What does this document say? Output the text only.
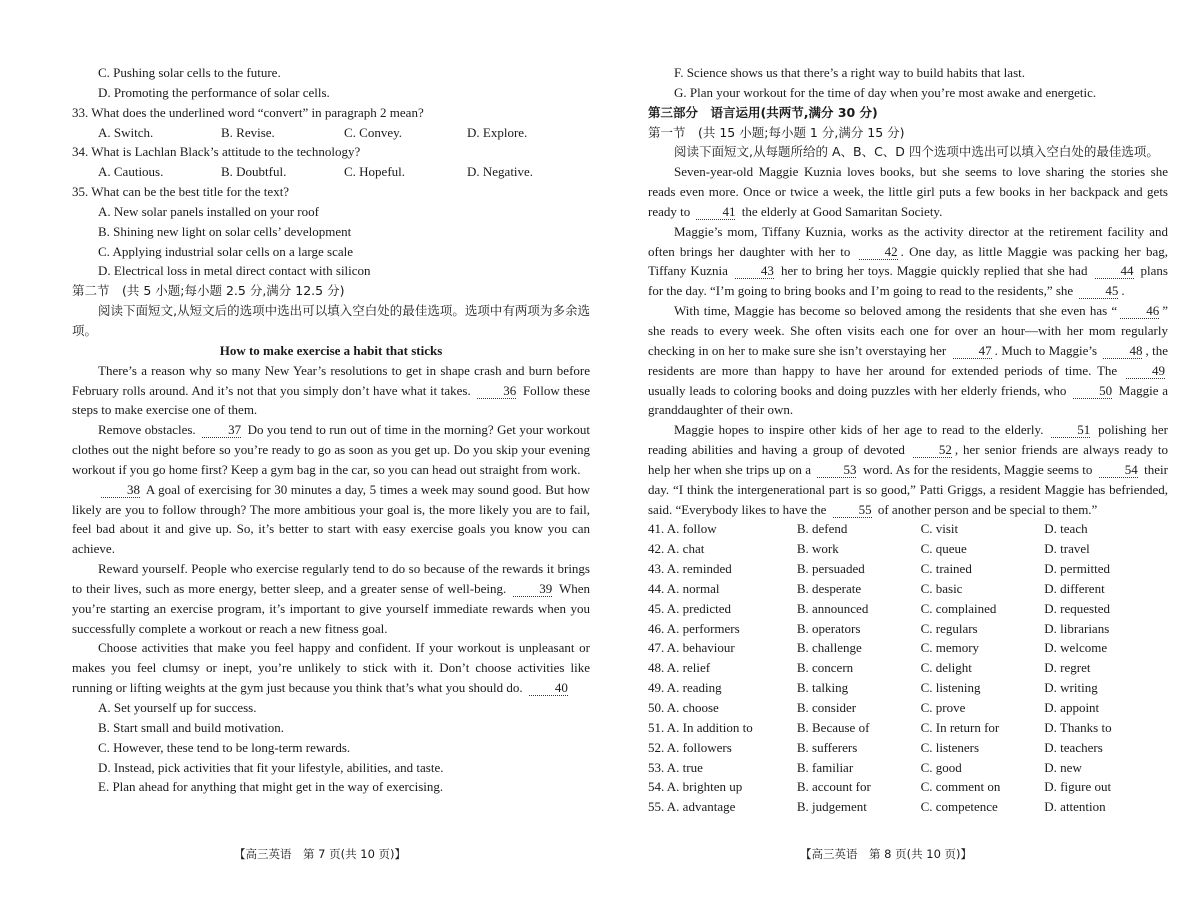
C. Pushing solar cells to the future.
D. Promoting the performance of solar cells.
33. What does the underlined word “convert” in paragraph 2 mean?
A. Switch.	B. Revise.	C. Convey.	D. Explore.
34. What is Lachlan Black’s attitude to the technology?
A. Cautious.	B. Doubtful.	C. Hopeful.	D. Negative.
35. What can be the best title for the text?
A. New solar panels installed on your roof
B. Shining new light on solar cells’ development
C. Applying industrial solar cells on a large scale
D. Electrical loss in metal direct contact with silicon
第二节　(共 5 小题;每小题 2.5 分,满分 12.5 分)
阅读下面短文,从短文后的选项中选出可以填入空白处的最佳选项。选项中有两项为多余选项。
How to make exercise a habit that sticks
There’s a reason why so many New Year’s resolutions to get in shape crash and burn before February rolls around. And it’s not that you simply don’t have what it takes. 36 Follow these steps to make exercise one of them.
Remove obstacles. 37 Do you tend to run out of time in the morning? Get your workout clothes out the night before so you’re ready to go as soon as you get up. Do you skip your evening workout if you go home first? Keep a gym bag in the car, so you can head out straight from work.
38 A goal of exercising for 30 minutes a day, 5 times a week may sound good. But how likely are you to follow through? The more ambitious your goal is, the more likely you are to fail, feel bad about it and give up. So, it’s better to start with easy exercise goals you know you can achieve.
Reward yourself. People who exercise regularly tend to do so because of the rewards it brings to their lives, such as more energy, better sleep, and a greater sense of well-being. 39 When you’re starting an exercise program, it’s important to give yourself immediate rewards when you successfully complete a workout or reach a new fitness goal.
Choose activities that make you feel happy and confident. If your workout is unpleasant or makes you feel clumsy or inept, you’re unlikely to stick with it. Don’t choose activities like running or lifting weights at the gym just because you think that’s what you should do. 40
A. Set yourself up for success.
B. Start small and build motivation.
C. However, these tend to be long-term rewards.
D. Instead, pick activities that fit your lifestyle, abilities, and taste.
E. Plan ahead for anything that might get in the way of exercising.
F. Science shows us that there’s a right way to build habits that last.
G. Plan your workout for the time of day when you’re most awake and energetic.
第三部分　语言运用(共两节,满分 30 分)
第一节　(共 15 小题;每小题 1 分,满分 15 分)
阅读下面短文,从每题所给的 A、B、C、D 四个选项中选出可以填入空白处的最佳选项。
Seven-year-old Maggie Kuznia loves books, but she seems to love sharing the stories she reads even more. Once or twice a week, the little girl puts a few books in her backpack and gets ready to 41 the elderly at Good Samaritan Society.
Maggie’s mom, Tiffany Kuznia, works as the activity director at the retirement facility and often brings her daughter with her to 42 . One day, as little Maggie was packing her bag, Tiffany Kuznia 43 her to bring her toys. Maggie quickly replied that she had 44 plans for the day. “I’m going to bring books and I’m going to read to the residents,” she 45 .
With time, Maggie has become so beloved among the residents that she even has “ 46 ” she reads to every week. She often visits each one for over an hour—with her mom regularly checking in on her to make sure she isn’t overstaying her 47 . Much to Maggie’s 48 , the residents are more than happy to have her around for extended periods of time. The 49 usually leads to coloring books and doing puzzles with her elderly friends, who 50 Maggie a granddaughter of their own.
Maggie hopes to inspire other kids of her age to read to the elderly. 51 polishing her reading abilities and having a group of devoted 52 , her senior friends are always ready to help her when she trips up on a 53 word. As for the residents, Maggie seems to 54 their day. “I think the intergenerational part is so good,” Patti Griggs, a resident Maggie has befriended, said. “Everybody likes to have the 55 of another person and be special to them.”
41. A. follow	B. defend	C. visit	D. teach
42. A. chat	B. work	C. queue	D. travel
43. A. reminded	B. persuaded	C. trained	D. permitted
44. A. normal	B. desperate	C. basic	D. different
45. A. predicted	B. announced	C. complained	D. requested
46. A. performers	B. operators	C. regulars	D. librarians
47. A. behaviour	B. challenge	C. memory	D. welcome
48. A. relief	B. concern	C. delight	D. regret
49. A. reading	B. talking	C. listening	D. writing
50. A. choose	B. consider	C. prove	D. appoint
51. A. In addition to	B. Because of	C. In return for	D. Thanks to
52. A. followers	B. sufferers	C. listeners	D. teachers
53. A. true	B. familiar	C. good	D. new
54. A. brighten up	B. account for	C. comment on	D. figure out
55. A. advantage	B. judgement	C. competence	D. attention
【高三英语　第 7 页(共 10 页)】	【高三英语　第 8 页(共 10 页)】
